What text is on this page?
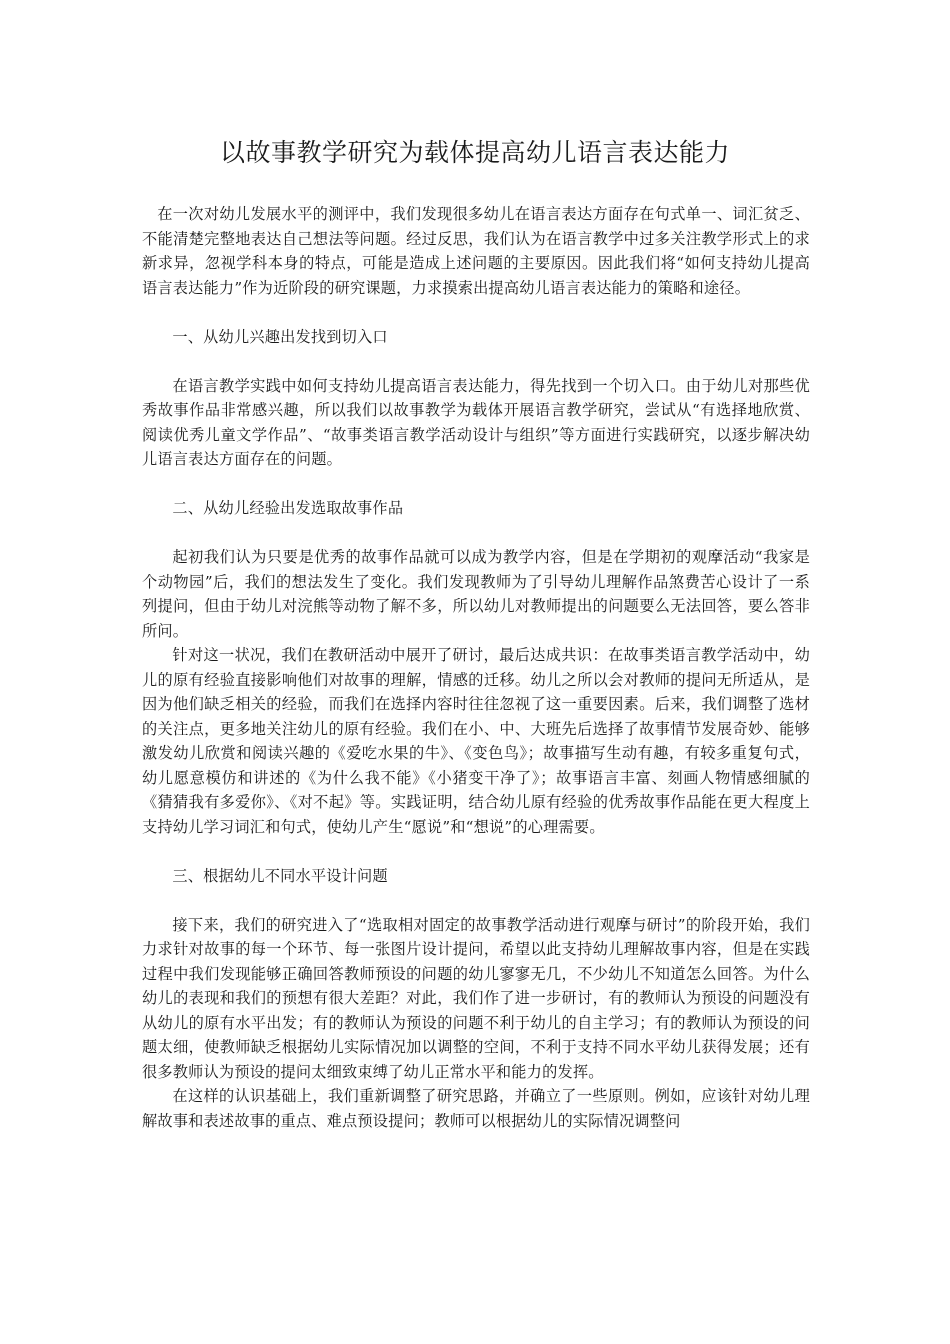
以故事教学研究为载体提高幼儿语言表达能力

在一次对幼儿发展水平的测评中，我们发现很多幼儿在语言表达方面存在句式单一、词汇贫乏、不能清楚完整地表达自己想法等问题。经过反思，我们认为在语言教学中过多关注教学形式上的求新求异，忽视学科本身的特点，可能是造成上述问题的主要原因。因此我们将“如何支持幼儿提高语言表达能力”作为近阶段的研究课题，力求摸索出提高幼儿语言表达能力的策略和途径。

一、从幼儿兴趣出发找到切入口

在语言教学实践中如何支持幼儿提高语言表达能力，得先找到一个切入口。由于幼儿对那些优秀故事作品非常感兴趣，所以我们以故事教学为载体开展语言教学研究，尝试从“有选择地欣赏、阅读优秀儿童文学作品”、“故事类语言教学活动设计与组织”等方面进行实践研究，以逐步解决幼儿语言表达方面存在的问题。

二、从幼儿经验出发选取故事作品

起初我们认为只要是优秀的故事作品就可以成为教学内容，但是在学期初的观摩活动“我家是个动物园”后，我们的想法发生了变化。我们发现教师为了引导幼儿理解作品煞费苦心设计了一系列提问，但由于幼儿对浣熊等动物了解不多，所以幼儿对教师提出的问题要么无法回答，要么答非所问。

针对这一状况，我们在教研活动中展开了研讨，最后达成共识：在故事类语言教学活动中，幼儿的原有经验直接影响他们对故事的理解，情感的迁移。幼儿之所以会对教师的提问无所适从，是因为他们缺乏相关的经验，而我们在选择内容时往往忽视了这一重要因素。后来，我们调整了选材的关注点，更多地关注幼儿的原有经验。我们在小、中、大班先后选择了故事情节发展奇妙、能够激发幼儿欣赏和阅读兴趣的《爱吃水果的牛》、《变色鸟》；故事描写生动有趣，有较多重复句式，幼儿愿意模仿和讲述的《为什么我不能》《小猪变干净了》；故事语言丰富、刻画人物情感细腻的《猜猜我有多爱你》、《对不起》等。实践证明，结合幼儿原有经验的优秀故事作品能在更大程度上支持幼儿学习词汇和句式，使幼儿产生“愿说”和“想说”的心理需要。

三、根据幼儿不同水平设计问题

接下来，我们的研究进入了“选取相对固定的故事教学活动进行观摩与研讨”的阶段开始，我们力求针对故事的每一个环节、每一张图片设计提问，希望以此支持幼儿理解故事内容，但是在实践过程中我们发现能够正确回答教师预设的问题的幼儿寥寥无几，不少幼儿不知道怎么回答。为什么幼儿的表现和我们的预想有很大差距？对此，我们作了进一步研讨，有的教师认为预设的问题没有从幼儿的原有水平出发；有的教师认为预设的问题不利于幼儿的自主学习；有的教师认为预设的问题太细，使教师缺乏根据幼儿实际情况加以调整的空间，不利于支持不同水平幼儿获得发展；还有很多教师认为预设的提问太细致束缚了幼儿正常水平和能力的发挥。

在这样的认识基础上，我们重新调整了研究思路，并确立了一些原则。例如，应该针对幼儿理解故事和表述故事的重点、难点预设提问；教师可以根据幼儿的实际情况调整问
